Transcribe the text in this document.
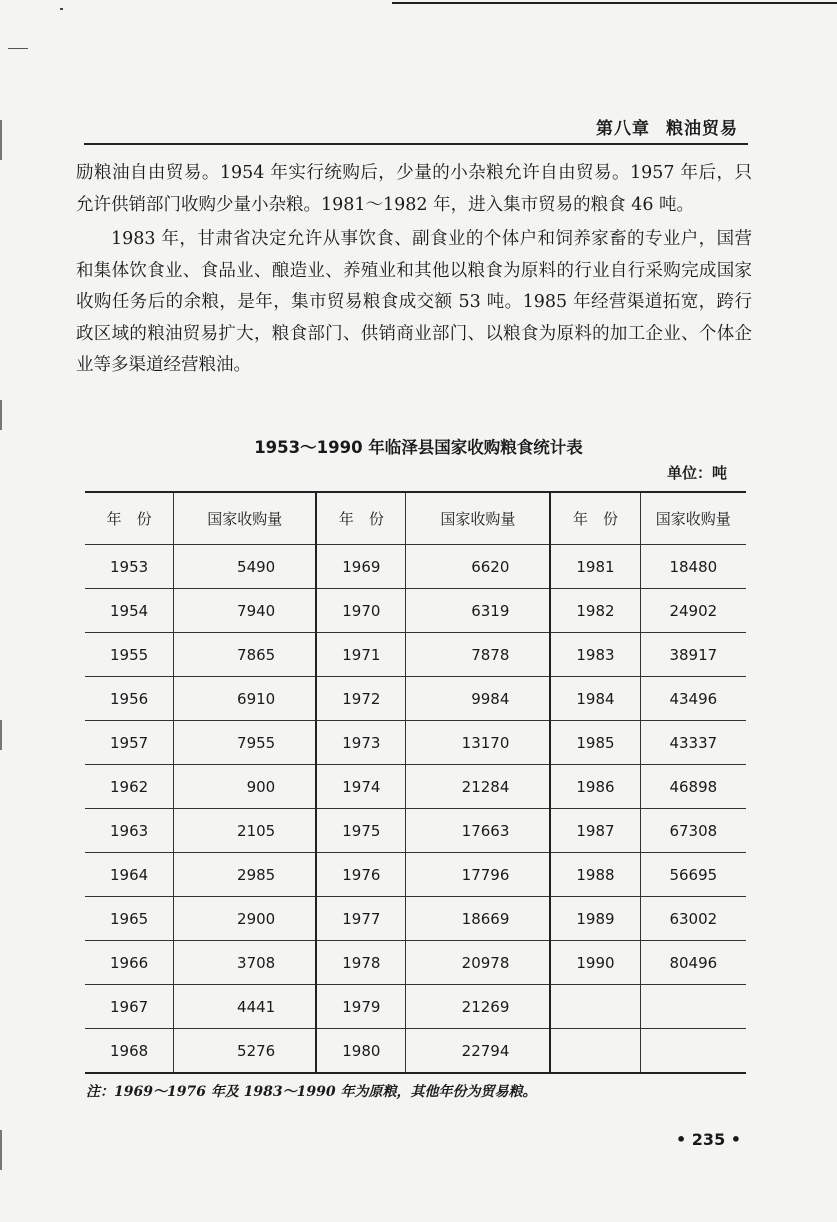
第八章 粮油贸易

励粮油自由贸易。1954 年实行统购后，少量的小杂粮允许自由贸易。1957 年后，只允许供销部门收购少量小杂粮。1981～1982 年，进入集市贸易的粮食 46 吨。

1983 年，甘肃省决定允许从事饮食、副食业的个体户和饲养家畜的专业户，国营和集体饮食业、食品业、酿造业、养殖业和其他以粮食为原料的行业自行采购完成国家收购任务后的余粮，是年，集市贸易粮食成交额 53 吨。1985 年经营渠道拓宽，跨行政区域的粮油贸易扩大，粮食部门、供销商业部门、以粮食为原料的加工企业、个体企业等多渠道经营粮油。

1953～1990 年临泽县国家收购粮食统计表
单位：吨
年　份	国家收购量	年　份	国家收购量	年　份	国家收购量
1953	5490	1969	6620	1981	18480
1954	7940	1970	6319	1982	24902
1955	7865	1971	7878	1983	38917
1956	6910	1972	9984	1984	43496
1957	7955	1973	13170	1985	43337
1962	900	1974	21284	1986	46898
1963	2105	1975	17663	1987	67308
1964	2985	1976	17796	1988	56695
1965	2900	1977	18669	1989	63002
1966	3708	1978	20978	1990	80496
1967	4441	1979	21269		
1968	5276	1980	22794		
注：1969～1976 年及 1983～1990 年为原粮，其他年份为贸易粮。
• 235 •
